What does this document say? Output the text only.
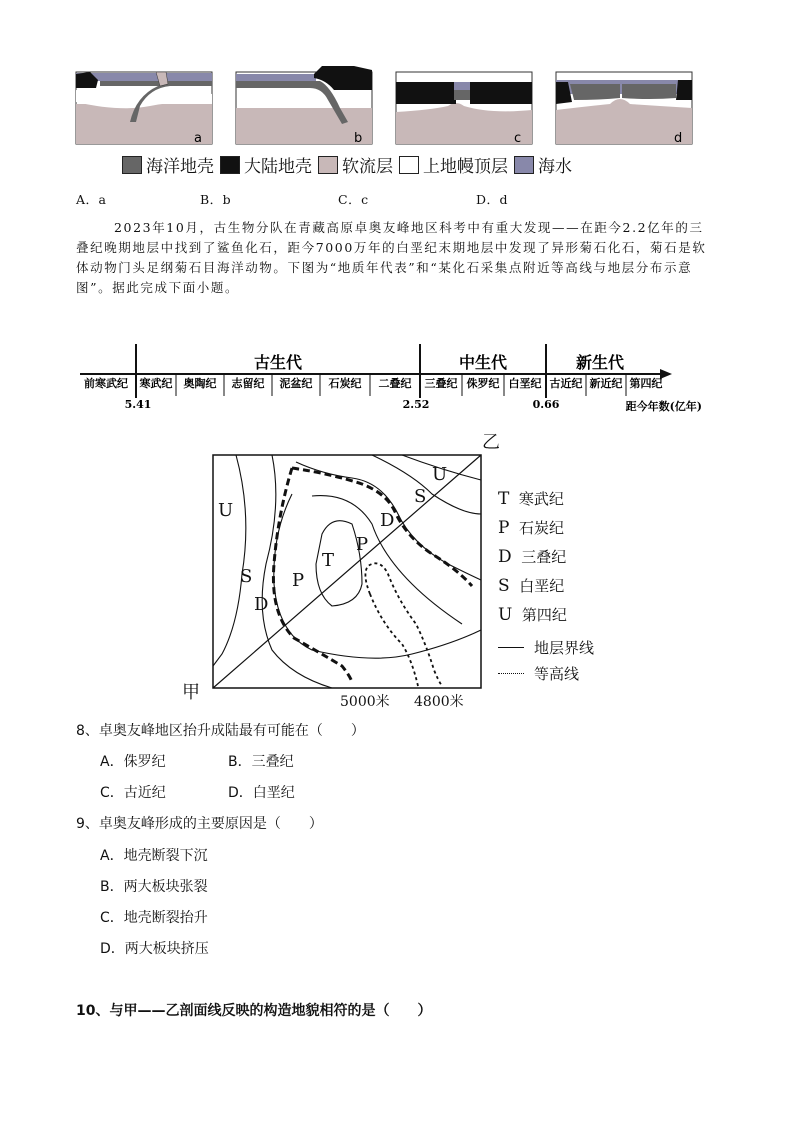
a	b	c	d
海洋地壳 大陆地壳 软流层 上地幔顶层 海水
A．a	B．b	C．c	D．d
2023年10月，古生物分队在青藏高原卓奥友峰地区科考中有重大发现——在距今2.2亿年的三叠纪晚期地层中找到了鲨鱼化石，距今7000万年的白垩纪末期地层中发现了异形菊石化石，菊石是软体动物门头足纲菊石目海洋动物。下图为“地质年代表”和“某化石采集点附近等高线与地层分布示意图”。据此完成下面小题。
古生代	中生代	新生代
前寒武纪 寒武纪 奥陶纪 志留纪 泥盆纪 石炭纪 二叠纪 三叠纪 侏罗纪 白垩纪 古近纪 新近纪 第四纪
5.41	2.52	0.66	距今年数(亿年)
乙
甲
U
S
D
P
T
P
D
S
U
5000米 4800米
T 寒武纪
P 石炭纪
D 三叠纪
S 白垩纪
U 第四纪
地层界线
等高线
8、卓奥友峰地区抬升成陆最有可能在（　　）
A．侏罗纪	B．三叠纪
C．古近纪	D．白垩纪
9、卓奥友峰形成的主要原因是（　　）
A．地壳断裂下沉
B．两大板块张裂
C．地壳断裂抬升
D．两大板块挤压
10、与甲——乙剖面线反映的构造地貌相符的是（　　）
